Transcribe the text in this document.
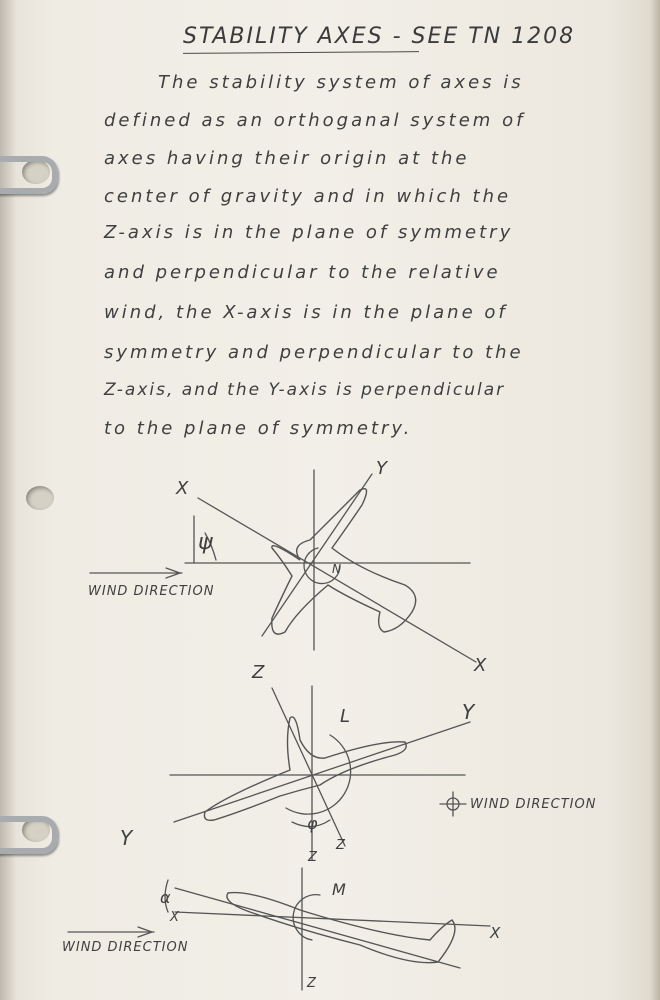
STABILITY AXES - SEE TN 1208
The stability system of axes is
defined as an orthoganal system of
axes having their origin at the
center of gravity and in which the
Z-axis is in the plane of symmetry
and perpendicular to the relative
wind, the X-axis is in the plane of
symmetry and perpendicular to the
Z-axis, and the Y-axis is perpendicular
to the plane of symmetry.
X
Y
X
ψ
N
WIND DIRECTION
Z
Y
Y	Z
L
φ
WIND DIRECTION
Z
Z
X
X
α	M
WIND DIRECTION
